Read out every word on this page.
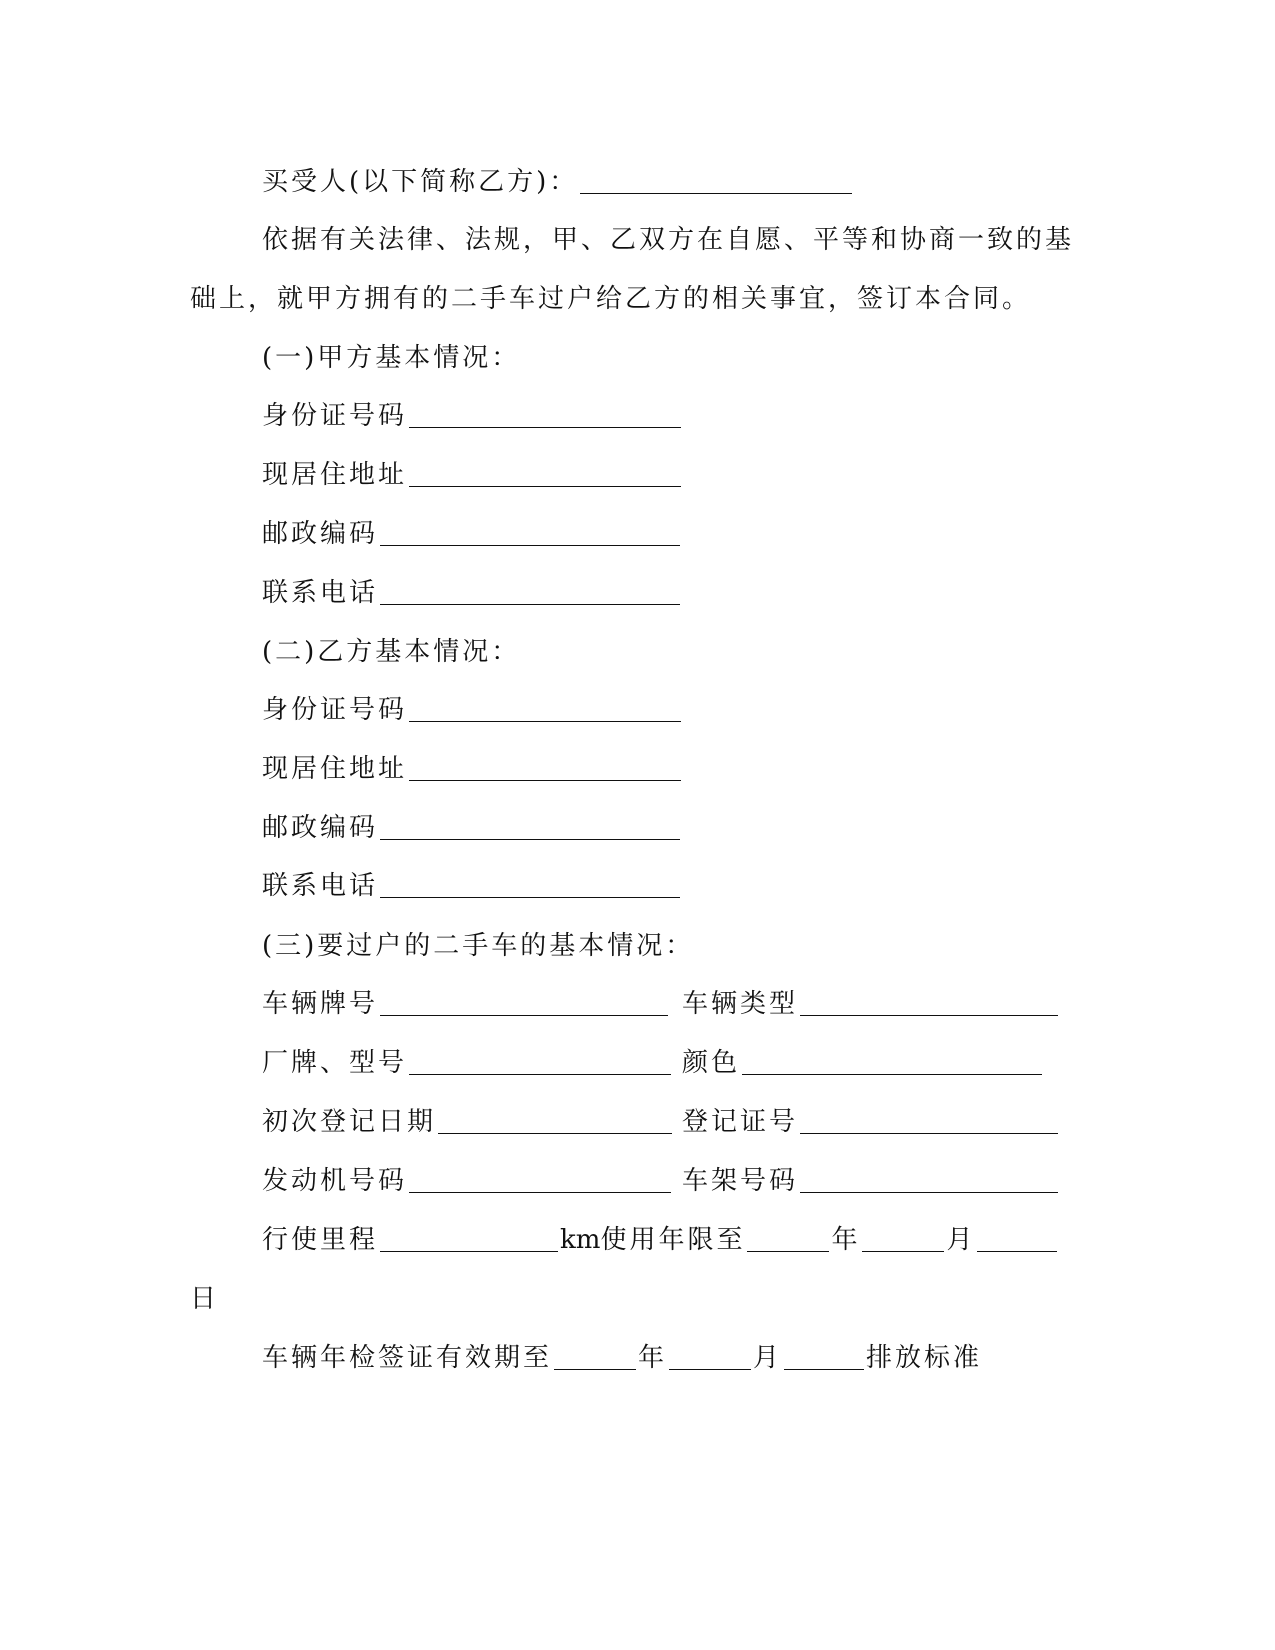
买受人(以下简称乙方)：
依据有关法律、法规，甲、乙双方在自愿、平等和协商一致的基
础上，就甲方拥有的二手车过户给乙方的相关事宜，签订本合同。
(一)甲方基本情况：
身份证号码
现居住地址
邮政编码
联系电话
(二)乙方基本情况：
身份证号码
现居住地址
邮政编码
联系电话
(三)要过户的二手车的基本情况：
车辆牌号	车辆类型
厂牌、型号	颜色
初次登记日期	登记证号
发动机号码	车架号码
行使里程	km使用年限至	年	月
日
车辆年检签证有效期至	年	月	排放标准
